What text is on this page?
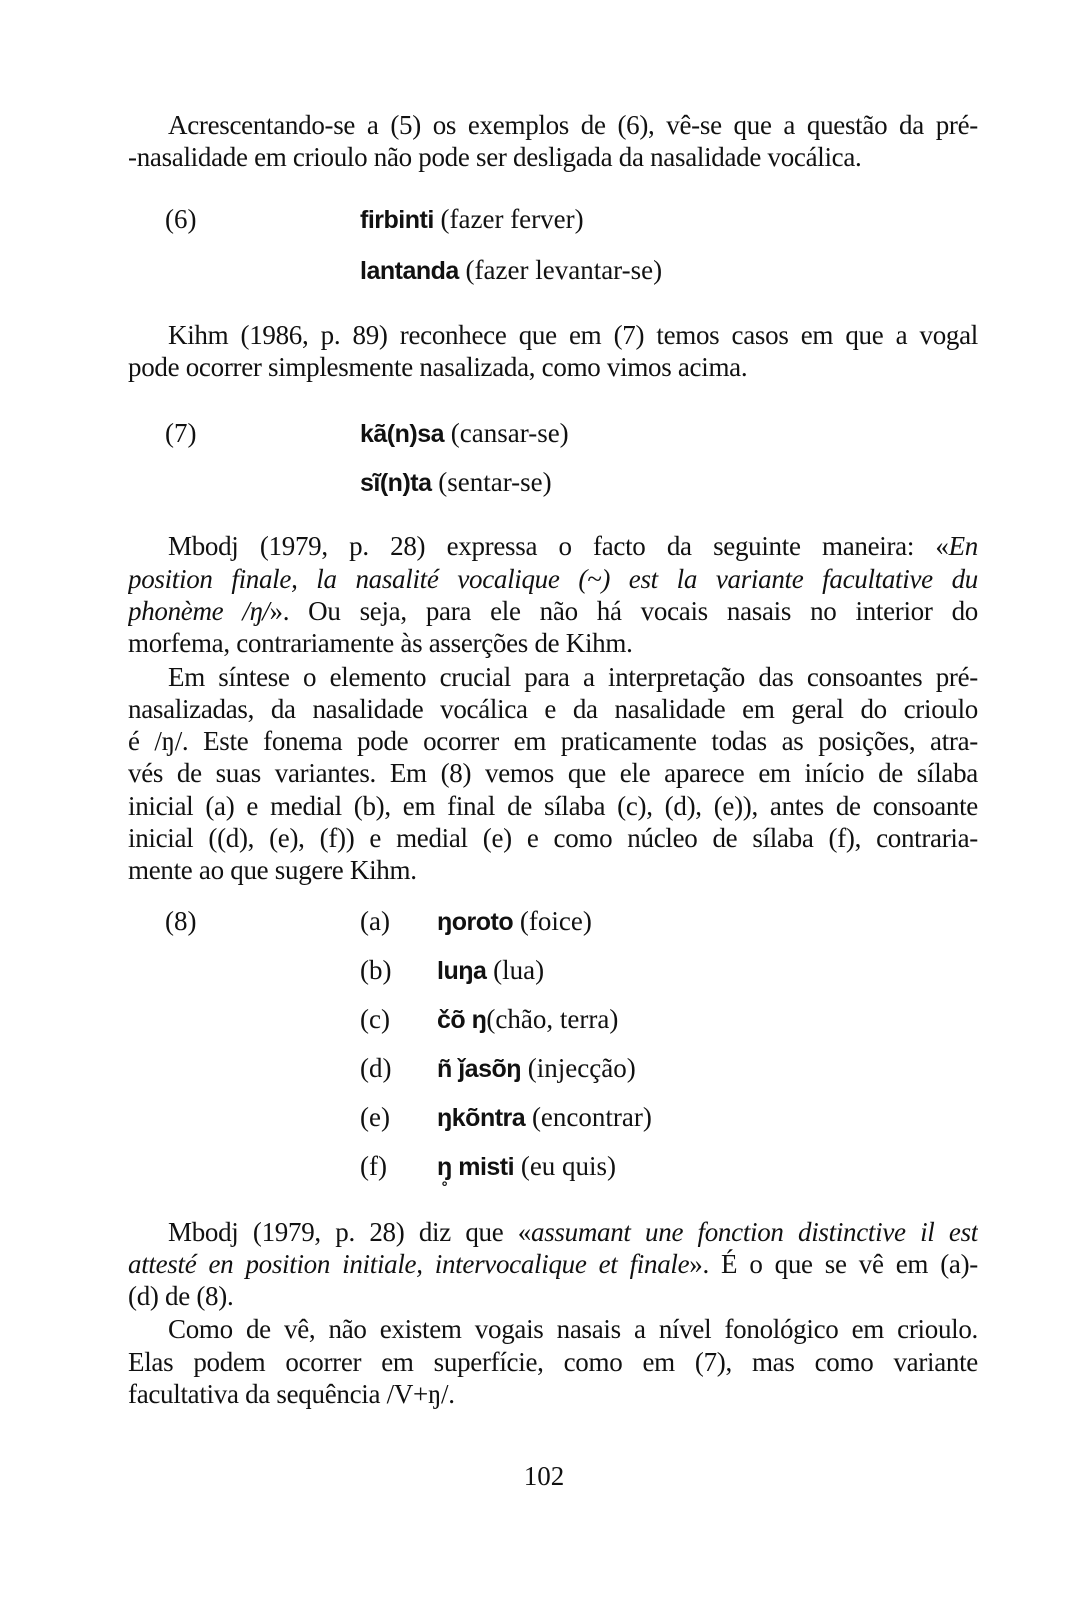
Acrescentando-se a (5) os exemplos de (6), vê-se que a questão da pré-
-nasalidade em crioulo não pode ser desligada da nasalidade vocálica.
(6)	firbinti (fazer ferver)
lantanda (fazer levantar-se)
Kihm (1986, p. 89) reconhece que em (7) temos casos em que a vogal
pode ocorrer simplesmente nasalizada, como vimos acima.
(7)	kã(n)sa (cansar-se)
sĩ(n)ta (sentar-se)
Mbodj (1979, p. 28) expressa o facto da seguinte maneira: «En
position finale, la nasalité vocalique (~) est la variante facultative du
phonème /ŋ/». Ou seja, para ele não há vocais nasais no interior do
morfema, contrariamente às asserções de Kihm.
Em síntese o elemento crucial para a interpretação das consoantes pré-
nasalizadas, da nasalidade vocálica e da nasalidade em geral do crioulo
é /ŋ/. Este fonema pode ocorrer em praticamente todas as posições, atra-
vés de suas variantes. Em (8) vemos que ele aparece em início de sílaba
inicial (a) e medial (b), em final de sílaba (c), (d), (e)), antes de consoante
inicial ((d), (e), (f)) e medial (e) e como núcleo de sílaba (f), contraria-
mente ao que sugere Kihm.
(8)	(a) ŋoroto (foice)
(b) luŋa (lua)
(c) čõ ŋ(chão, terra)
(d) ñ ǰasõŋ (injecção)
(e) ŋkõntra (encontrar)
(f) ŋ̥ misti (eu quis)
Mbodj (1979, p. 28) diz que «assumant une fonction distinctive il est
attesté en position initiale, intervocalique et finale». É o que se vê em (a)-
(d) de (8).
Como de vê, não existem vogais nasais a nível fonológico em crioulo.
Elas podem ocorrer em superfície, como em (7), mas como variante
facultativa da sequência /V+ŋ/.
102
